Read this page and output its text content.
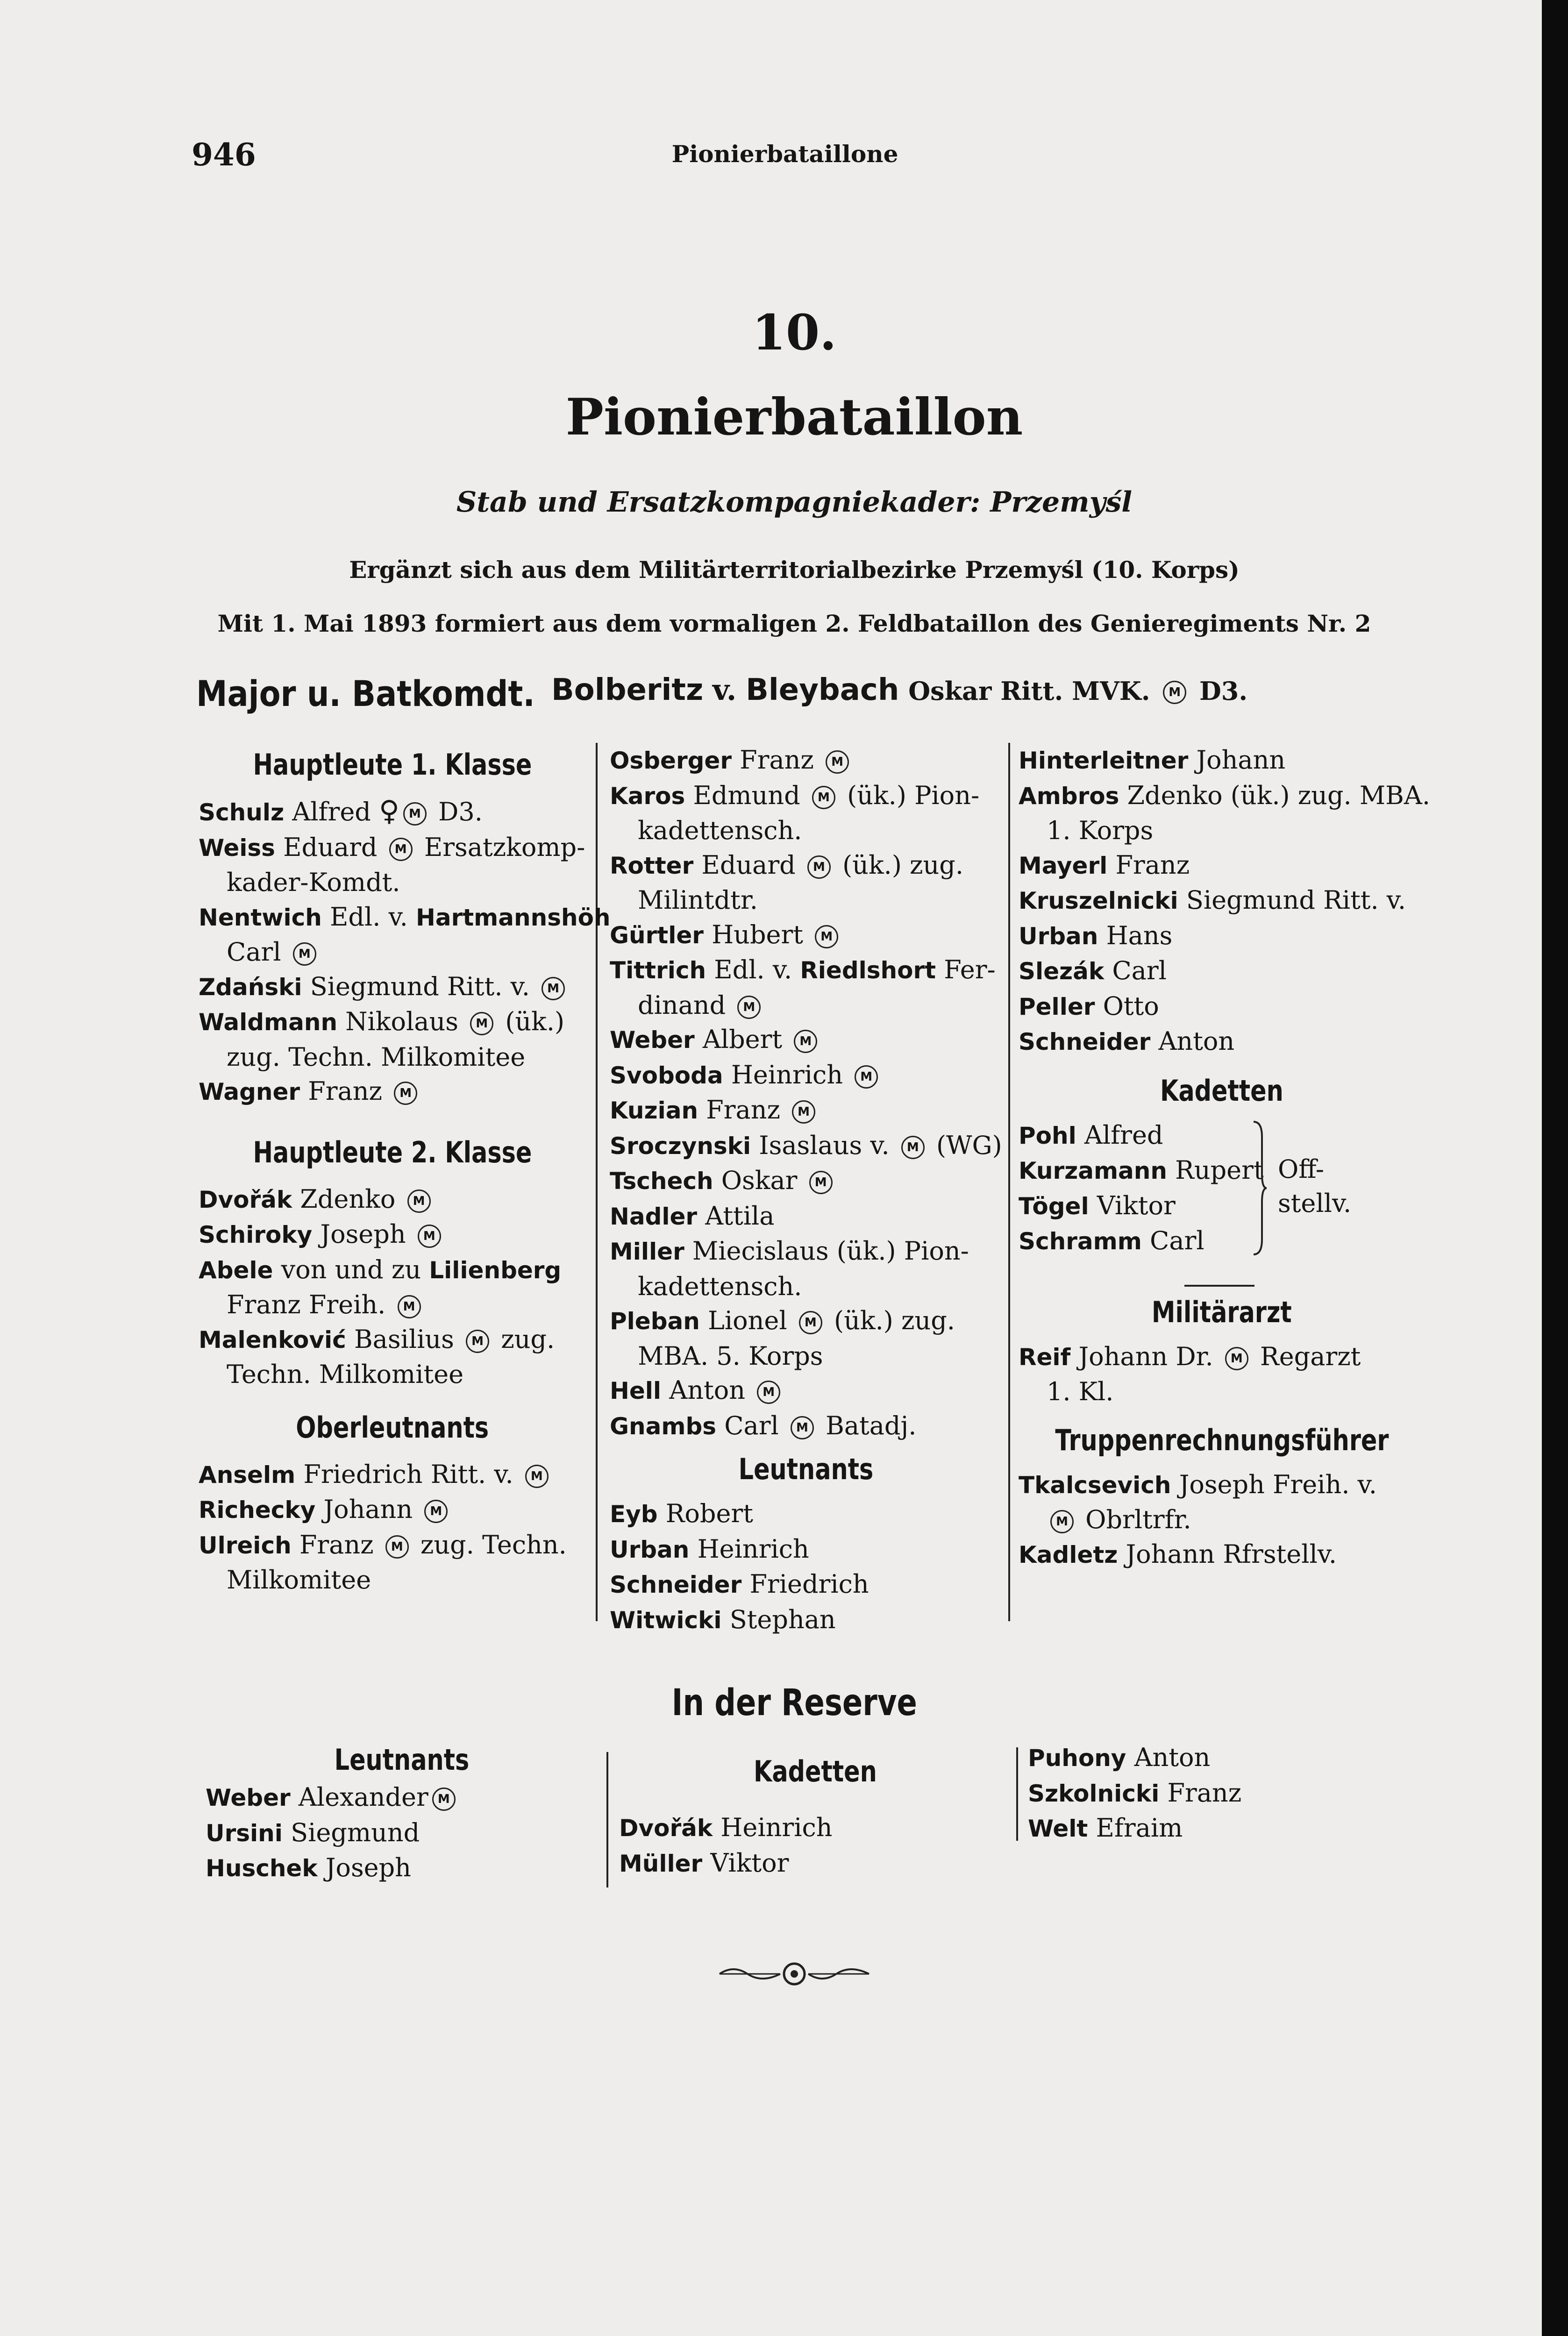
946	Pionierbataillone
10.
Pionierbataillon
Stab und Ersatzkompagniekader: Przemyśl
Ergänzt sich aus dem Militärterritorialbezirke Przemyśl (10. Korps)
Mit 1. Mai 1893 formiert aus dem vormaligen 2. Feldbataillon des Genieregiments Nr. 2
Major u. Batkomdt. Bolberitz v. Bleybach Oskar Ritt. MVK. M D3.
Hauptleute 1. Klasse
Schulz Alfred ♀ M D3.
Weiss Eduard M Ersatzkomp-
kader-Komdt.
Nentwich Edl. v. Hartmannshöh
Carl M
Zdański Siegmund Ritt. v. M
Waldmann Nikolaus M (ük.)
zug. Techn. Milkomitee
Wagner Franz M
Hauptleute 2. Klasse
Dvořák Zdenko M
Schiroky Joseph M
Abele von und zu Lilienberg
Franz Freih. M
Malenković Basilius M zug.
Techn. Milkomitee
Oberleutnants
Anselm Friedrich Ritt. v. M
Richecky Johann M
Ulreich Franz M zug. Techn.
Milkomitee
Osberger Franz M
Karos Edmund M (ük.) Pion-
kadettensch.
Rotter Eduard M (ük.) zug.
Milintdtr.
Gürtler Hubert M
Tittrich Edl. v. Riedlshort Fer-
dinand M
Weber Albert M
Svoboda Heinrich M
Kuzian Franz M
Sroczynski Isaslaus v. M (WG)
Tschech Oskar M
Nadler Attila
Miller Miecislaus (ük.) Pion-
kadettensch.
Pleban Lionel M (ük.) zug.
MBA. 5. Korps
Hell Anton M
Gnambs Carl M Batadj.
Leutnants
Eyb Robert
Urban Heinrich
Schneider Friedrich
Witwicki Stephan
Hinterleitner Johann
Ambros Zdenko (ük.) zug. MBA.
1. Korps
Mayerl Franz
Kruszelnicki Siegmund Ritt. v.
Urban Hans
Slezák Carl
Peller Otto
Schneider Anton
Kadetten
Pohl Alfred
Kurzamann Rupert
Tögel Viktor
Schramm Carl
Off-
stellv.
Militärarzt
Reif Johann Dr. M Regarzt
1. Kl.
Truppenrechnungsführer
Tkalcsevich Joseph Freih. v.
M Obrltrfr.
Kadletz Johann Rfrstellv.
In der Reserve
Leutnants
Weber Alexander M
Ursini Siegmund
Huschek Joseph
Kadetten
Dvořák Heinrich
Müller Viktor
Puhony Anton
Szkolnicki Franz
Welt Efraim
